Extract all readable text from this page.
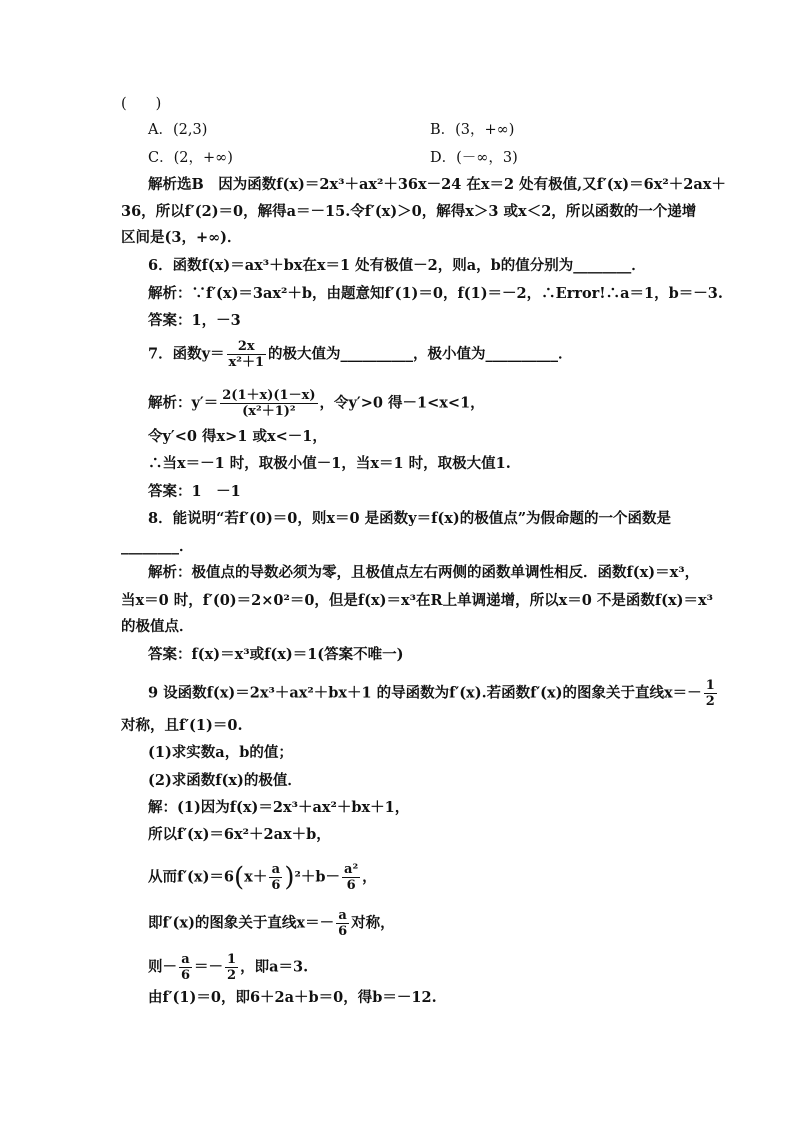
(　　)
A．(2,3)	B．(3，+∞)
C．(2，+∞)	D．(－∞，3)
解析选B　因为函数f(x)＝2x³＋ax²＋36x－24 在x＝2 处有极值,又f′(x)＝6x²＋2ax＋
36，所以f′(2)＝0，解得a＝－15.令f′(x)＞0，解得x＞3 或x＜2，所以函数的一个递增
区间是(3，+∞)．
6．函数f(x)＝ax³＋bx在x＝1 处有极值－2，则a，b的值分别为________．
解析：∵f′(x)＝3ax²＋b，由题意知f′(1)＝0，f(1)＝－2，∴Error!∴a＝1，b＝－3.
答案：1，－3
7．函数$y= \frac{2x}{\text{x²＋1}}$ 的极大值为__________，极小值为__________．
解析：$y'= \frac{2(1+x)(1-x)}{\text{(x²＋1)²}}$ ，令y′>0 得－1<x<1，
令y′<0 得x>1 或x<－1，
∴当x＝－1 时，取极小值－1，当x＝1 时，取极大值1.
答案：1　－1
8．能说明“若f′(0)＝0，则x＝0 是函数y＝f(x)的极值点”为假命题的一个函数是
________．
解析：极值点的导数必须为零，且极值点左右两侧的函数单调性相反．函数f(x)＝x³，
当x＝0 时，f′(0)＝2×0²＝0，但是f(x)＝x³在R上单调递增，所以x＝0 不是函数f(x)＝x³
的极值点．
答案：f(x)＝x³或f(x)＝1(答案不唯一)
9 设函数f(x)＝2x³＋ax²＋bx＋1 的导函数为f′(x).若函数f′(x)的图象关于直线$x=- \frac{1}{2}$
对称，且f′(1)＝0.
(1)求实数a，b的值；
(2)求函数f(x)的极值．
解：(1)因为f(x)＝2x³＋ax²＋bx＋1，
所以f′(x)＝6x²＋2ax＋b，
从而$f'(x)=6(x+ \frac{a}{6} )^2+b- \frac{\text{a²}}{6}$ ，
即f′(x)的图象关于直线$x=- \frac{a}{6}$ 对称，
则－ $\frac{a}{6} =- \frac{1}{2}$ ，即a＝3.
由f′(1)＝0，即6＋2a＋b＝0，得b＝－12.
